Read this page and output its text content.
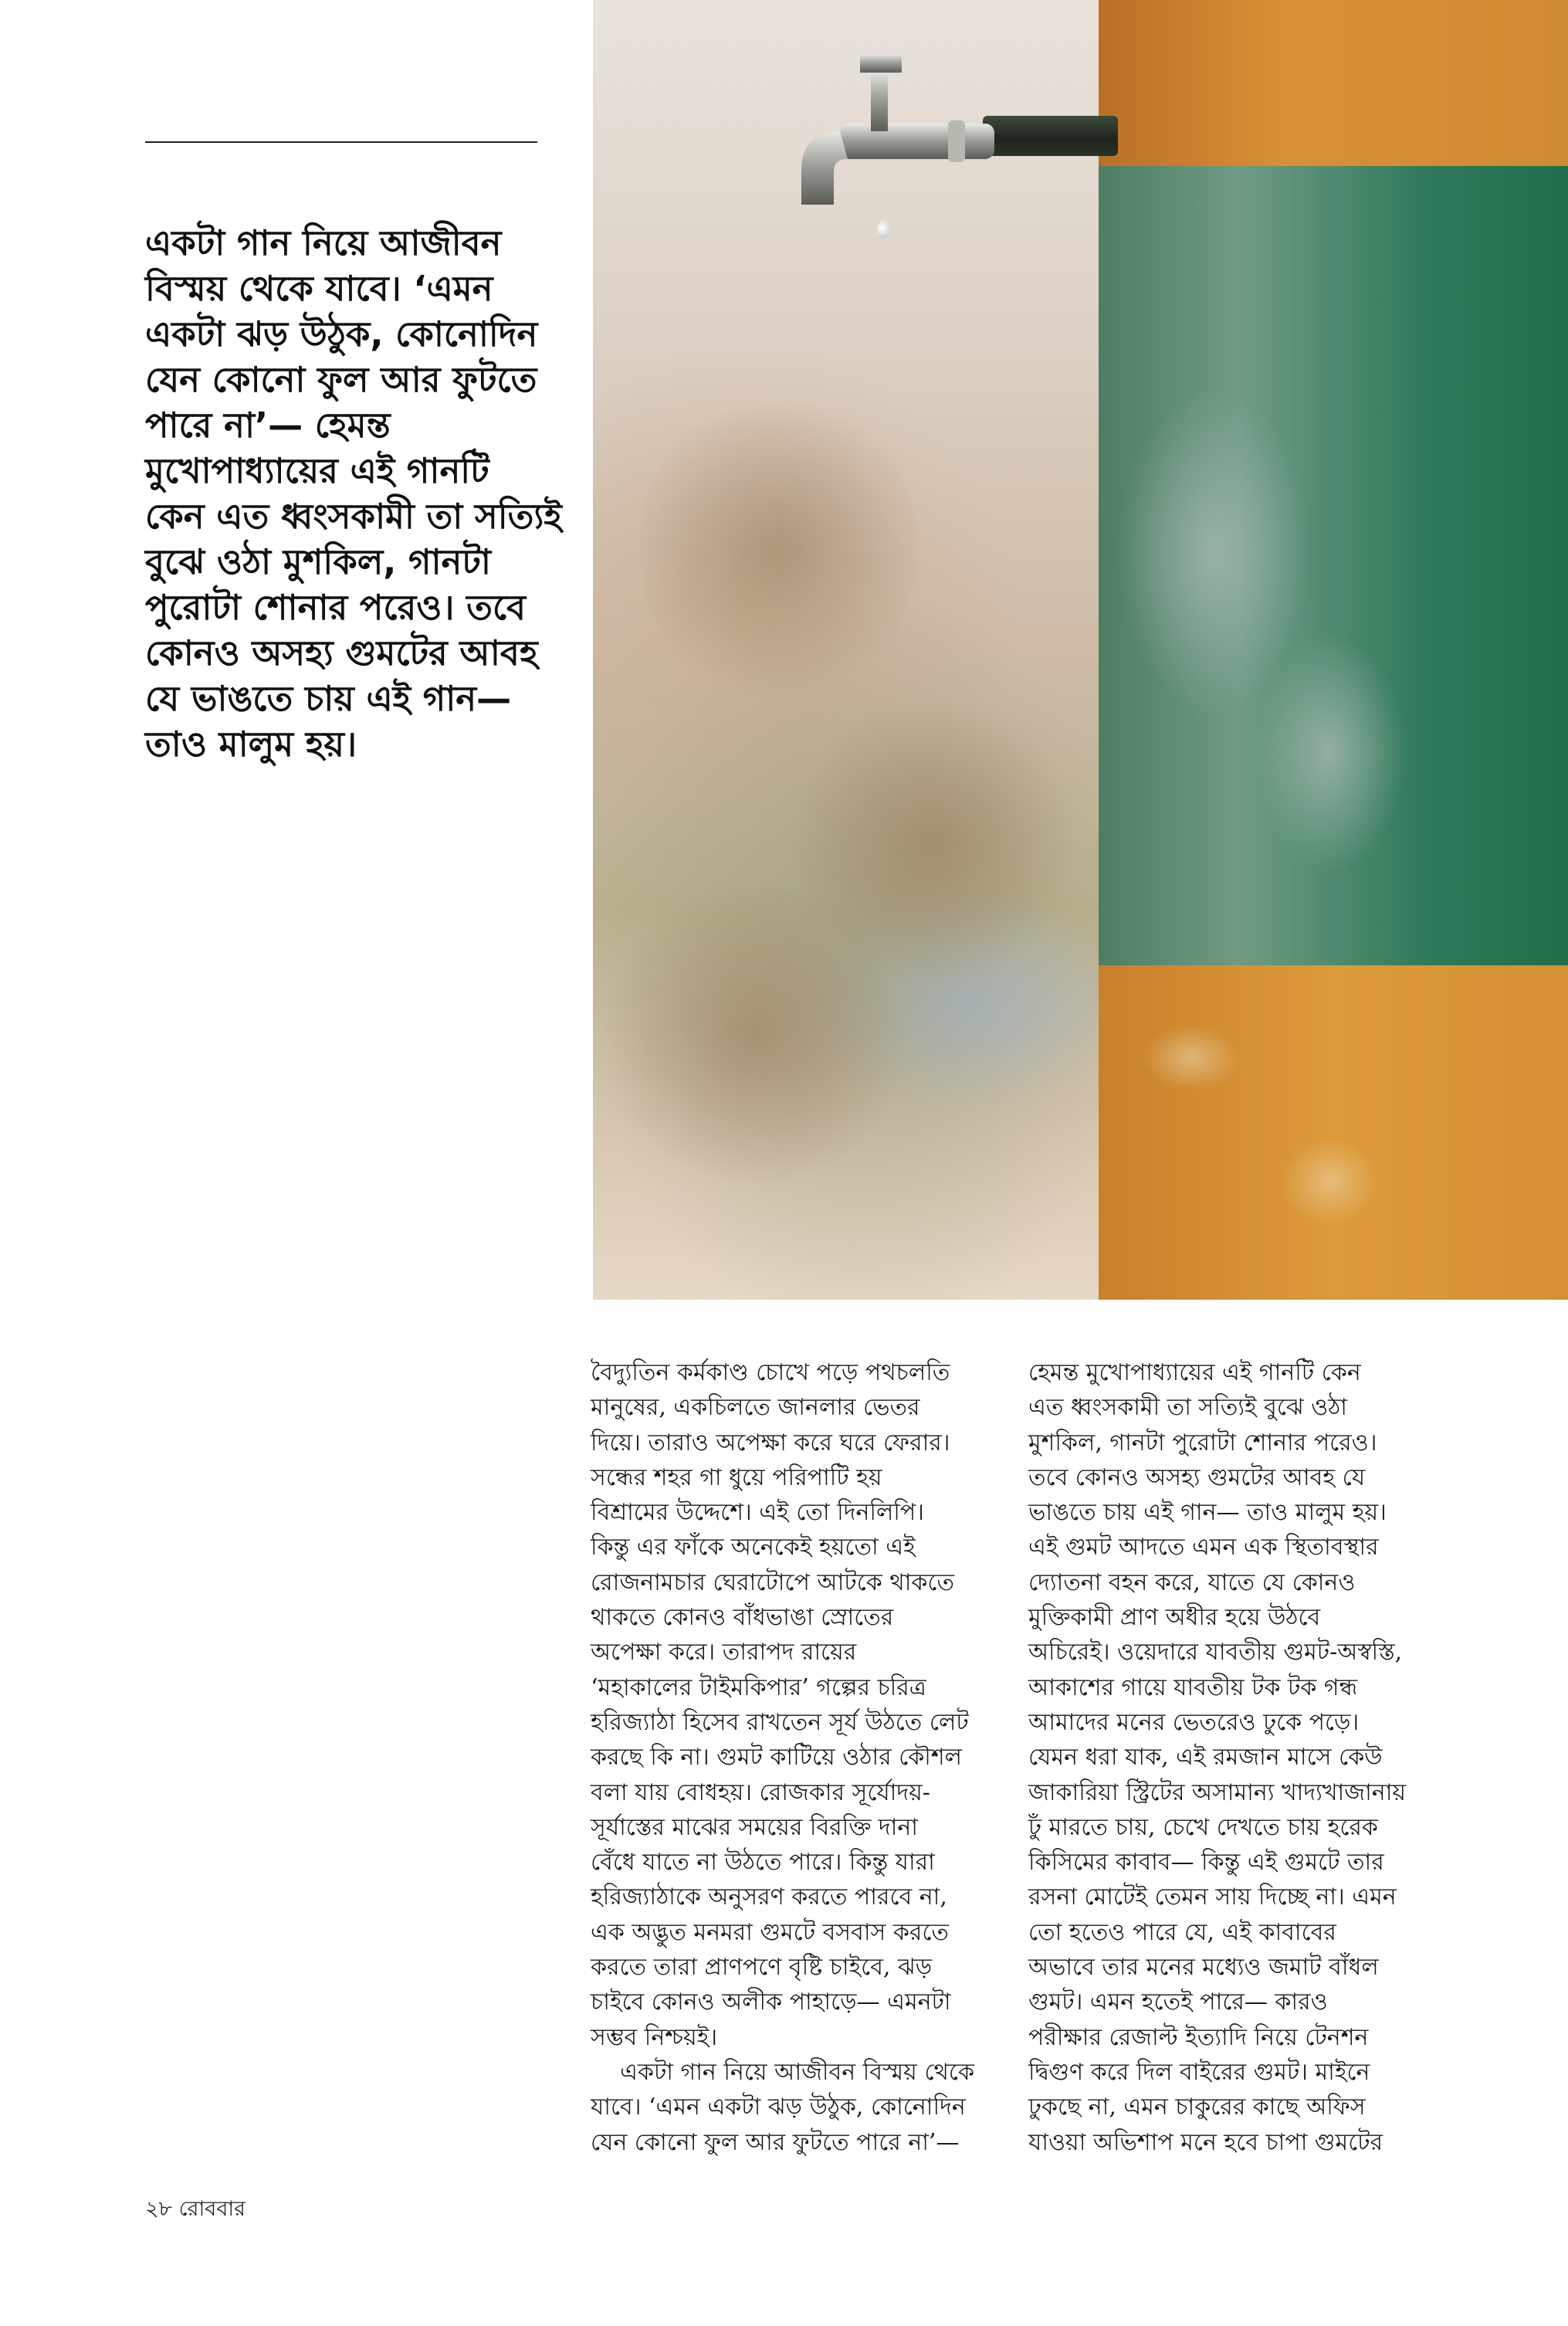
একটা গান নিয়ে আজীবন
বিস্ময় থেকে যাবে। ‘এমন
একটা ঝড় উঠুক, কোনোদিন
যেন কোনো ফুল আর ফুটতে
পারে না’— হেমন্ত
মুখোপাধ্যায়ের এই গানটি
কেন এত ধ্বংসকামী তা সত্যিই
বুঝে ওঠা মুশকিল, গানটা
পুরোটা শোনার পরেও। তবে
কোনও অসহ্য গুমটের আবহ
যে ভাঙতে চায় এই গান—
তাও মালুম হয়।
বৈদ্যুতিন কর্মকাণ্ড চোখে পড়ে পথচলতি
মানুষের, একচিলতে জানলার ভেতর
দিয়ে। তারাও অপেক্ষা করে ঘরে ফেরার।
সন্ধের শহর গা ধুয়ে পরিপাটি হয়
বিশ্রামের উদ্দেশে। এই তো দিনলিপি।
কিন্তু এর ফাঁকে অনেকেই হয়তো এই
রোজনামচার ঘেরাটোপে আটকে থাকতে
থাকতে কোনও বাঁধভাঙা স্রোতের
অপেক্ষা করে। তারাপদ রায়ের
‘মহাকালের টাইমকিপার’ গল্পের চরিত্র
হরিজ্যাঠা হিসেব রাখতেন সূর্য উঠতে লেট
করছে কি না। গুমট কাটিয়ে ওঠার কৌশল
বলা যায় বোধহয়। রোজকার সূর্যোদয়-
সূর্যাস্তের মাঝের সময়ের বিরক্তি দানা
বেঁধে যাতে না উঠতে পারে। কিন্তু যারা
হরিজ্যাঠাকে অনুসরণ করতে পারবে না,
এক অদ্ভুত মনমরা গুমটে বসবাস করতে
করতে তারা প্রাণপণে বৃষ্টি চাইবে, ঝড়
চাইবে কোনও অলীক পাহাড়ে— এমনটা
সম্ভব নিশ্চয়ই।
একটা গান নিয়ে আজীবন বিস্ময় থেকে
যাবে। ‘এমন একটা ঝড় উঠুক, কোনোদিন
যেন কোনো ফুল আর ফুটতে পারে না’—
হেমন্ত মুখোপাধ্যায়ের এই গানটি কেন
এত ধ্বংসকামী তা সত্যিই বুঝে ওঠা
মুশকিল, গানটা পুরোটা শোনার পরেও।
তবে কোনও অসহ্য গুমটের আবহ যে
ভাঙতে চায় এই গান— তাও মালুম হয়।
এই গুমট আদতে এমন এক স্থিতাবস্থার
দ্যোতনা বহন করে, যাতে যে কোনও
মুক্তিকামী প্রাণ অধীর হয়ে উঠবে
অচিরেই। ওয়েদারে যাবতীয় গুমট-অস্বস্তি,
আকাশের গায়ে যাবতীয় টক টক গন্ধ
আমাদের মনের ভেতরেও ঢুকে পড়ে।
যেমন ধরা যাক, এই রমজান মাসে কেউ
জাকারিয়া স্ট্রিটের অসামান্য খাদ্যখাজানায়
ঢুঁ মারতে চায়, চেখে দেখতে চায় হরেক
কিসিমের কাবাব— কিন্তু এই গুমটে তার
রসনা মোটেই তেমন সায় দিচ্ছে না। এমন
তো হতেও পারে যে, এই কাবাবের
অভাবে তার মনের মধ্যেও জমাট বাঁধল
গুমট। এমন হতেই পারে— কারও
পরীক্ষার রেজাল্ট ইত্যাদি নিয়ে টেনশন
দ্বিগুণ করে দিল বাইরের গুমট। মাইনে
ঢুকছে না, এমন চাকুরের কাছে অফিস
যাওয়া অভিশাপ মনে হবে চাপা গুমটের
২৮ রোববার
